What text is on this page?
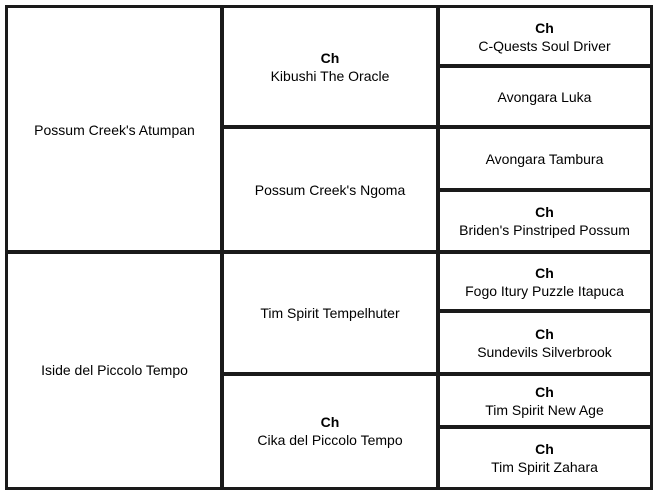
Possum Creek's Atumpan
Iside del Piccolo Tempo
Ch
Kibushi The Oracle
Possum Creek's Ngoma
Tim Spirit Tempelhuter
Ch
Cika del Piccolo Tempo
Ch
C-Quests Soul Driver
Avongara Luka
Avongara Tambura
Ch
Briden's Pinstriped Possum
Ch
Fogo Itury Puzzle Itapuca
Ch
Sundevils Silverbrook
Ch
Tim Spirit New Age
Ch
Tim Spirit Zahara
